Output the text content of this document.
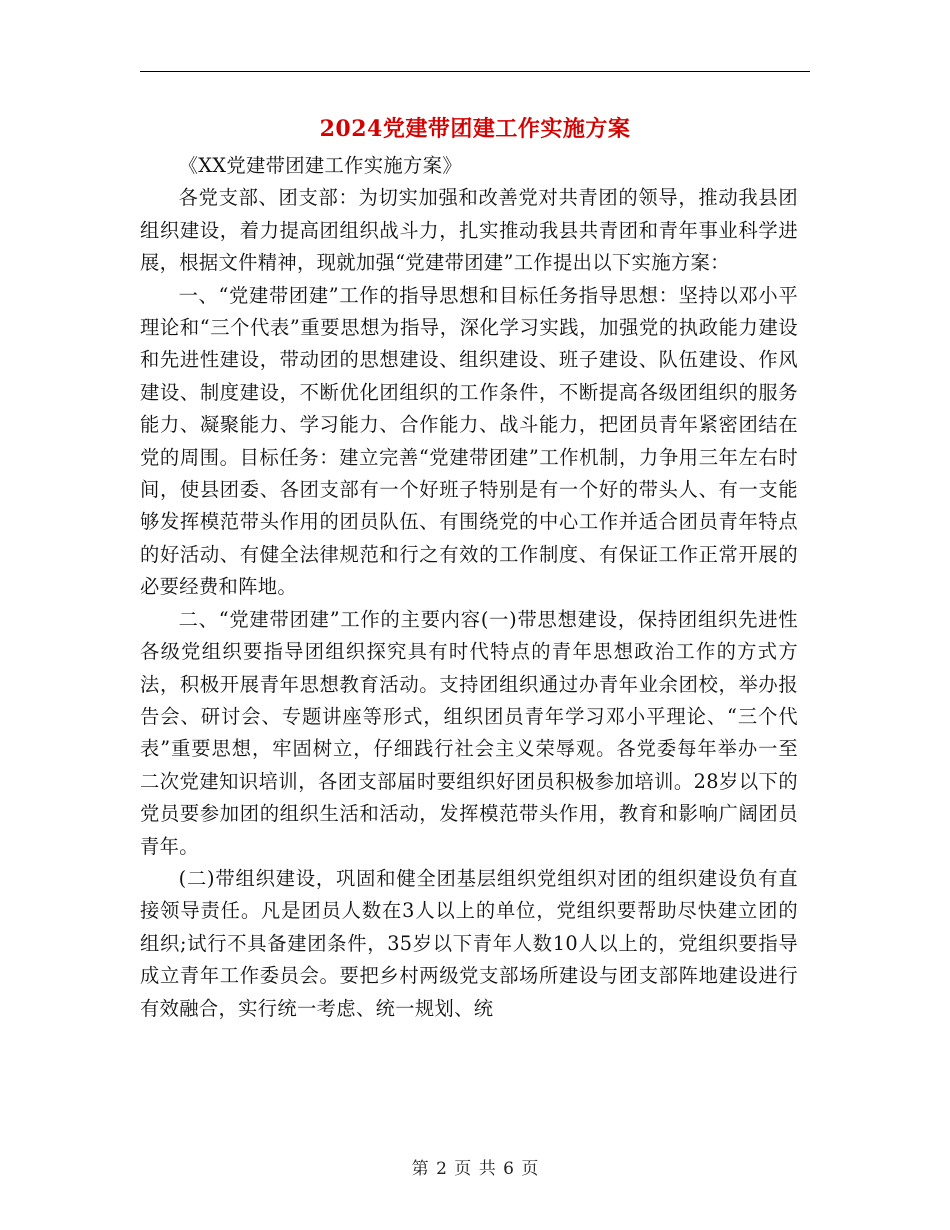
2024党建带团建工作实施方案

《XX党建带团建工作实施方案》

各党支部、团支部：为切实加强和改善党对共青团的领导，推动我县团组织建设，着力提高团组织战斗力，扎实推动我县共青团和青年事业科学进展，根据文件精神，现就加强“党建带团建”工作提出以下实施方案：

一、“党建带团建”工作的指导思想和目标任务指导思想：坚持以邓小平理论和“三个代表”重要思想为指导，深化学习实践，加强党的执政能力建设和先进性建设，带动团的思想建设、组织建设、班子建设、队伍建设、作风建设、制度建设，不断优化团组织的工作条件，不断提高各级团组织的服务能力、凝聚能力、学习能力、合作能力、战斗能力，把团员青年紧密团结在党的周围。目标任务：建立完善“党建带团建”工作机制，力争用三年左右时间，使县团委、各团支部有一个好班子特别是有一个好的带头人、有一支能够发挥模范带头作用的团员队伍、有围绕党的中心工作并适合团员青年特点的好活动、有健全法律规范和行之有效的工作制度、有保证工作正常开展的必要经费和阵地。

二、“党建带团建”工作的主要内容(一)带思想建设，保持团组织先进性各级党组织要指导团组织探究具有时代特点的青年思想政治工作的方式方法，积极开展青年思想教育活动。支持团组织通过办青年业余团校，举办报告会、研讨会、专题讲座等形式，组织团员青年学习邓小平理论、“三个代表”重要思想，牢固树立，仔细践行社会主义荣辱观。各党委每年举办一至二次党建知识培训，各团支部届时要组织好团员积极参加培训。28岁以下的党员要参加团的组织生活和活动，发挥模范带头作用，教育和影响广阔团员青年。

(二)带组织建设，巩固和健全团基层组织党组织对团的组织建设负有直接领导责任。凡是团员人数在3人以上的单位，党组织要帮助尽快建立团的组织;试行不具备建团条件，35岁以下青年人数10人以上的，党组织要指导成立青年工作委员会。要把乡村两级党支部场所建设与团支部阵地建设进行有效融合，实行统一考虑、统一规划、统

第 2 页 共 6 页
